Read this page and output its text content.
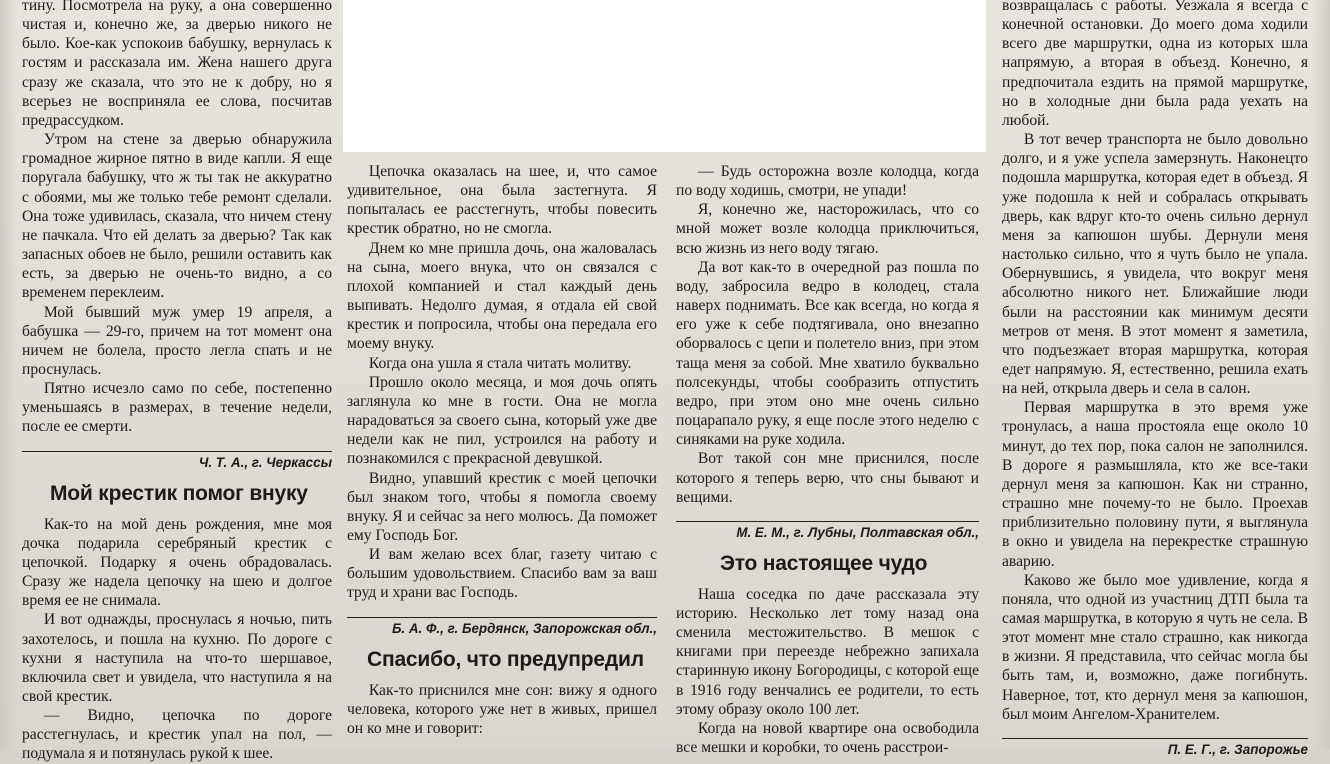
тину. Посмотрела на руку, а она совершенно чистая и, конечно же, за дверью никого не было. Кое-как успокоив бабушку, вернулась к гостям и рассказала им. Жена нашего друга сразу же сказала, что это не к добру, но я всерьез не восприняла ее слова, посчитав предрассудком.

Утром на стене за дверью обнаружила громадное жирное пятно в виде капли. Я еще поругала бабушку, что ж ты так не аккуратно с обоями, мы же только тебе ремонт сделали. Она тоже удивилась, сказала, что ничем стену не пачкала. Что ей делать за дверью? Так как запасных обоев не было, решили оставить как есть, за дверью не очень-то видно, а со временем переклеим.

Мой бывший муж умер 19 апреля, а бабушка — 29-го, причем на тот момент она ничем не болела, просто легла спать и не проснулась.

Пятно исчезло само по себе, постепенно уменьшаясь в размерах, в течение недели, после ее смерти.

Ч. Т. А., г. Черкассы
Мой крестик помог внуку

Как-то на мой день рождения, мне моя дочка подарила серебряный крестик с цепочкой. Подарку я очень обрадовалась. Сразу же надела цепочку на шею и долгое время ее не снимала.

И вот однажды, проснулась я ночью, пить захотелось, и пошла на кухню. По дороге с кухни я наступила на что-то шершавое, включила свет и увидела, что наступила я на свой крестик.

— Видно, цепочка по дороге расстегнулась, и крестик упал на пол, — подумала я и потянулась рукой к шее.

Цепочка оказалась на шее, и, что самое удивительное, она была застегнута. Я попыталась ее расстегнуть, чтобы повесить крестик обратно, но не смогла.

Днем ко мне пришла дочь, она жаловалась на сына, моего внука, что он связался с плохой компанией и стал каждый день выпивать. Недолго думая, я отдала ей свой крестик и попросила, чтобы она передала его моему внуку.

Когда она ушла я стала читать молитву.

Прошло около месяца, и моя дочь опять заглянула ко мне в гости. Она не могла нарадоваться за своего сына, который уже две недели как не пил, устроился на работу и познакомился с прекрасной девушкой.

Видно, упавший крестик с моей цепочки был знаком того, чтобы я помогла своему внуку. Я и сейчас за него молюсь. Да поможет ему Господь Бог.

И вам желаю всех благ, газету читаю с большим удовольствием. Спасибо вам за ваш труд и храни вас Господь.

Б. А. Ф., г. Бердянск, Запорожская обл.,
Спасибо, что предупредил

Как-то приснился мне сон: вижу я одного человека, которого уже нет в живых, пришел он ко мне и говорит:

— Будь осторожна возле колодца, когда по воду ходишь, смотри, не упади!

Я, конечно же, насторожилась, что со мной может возле колодца приключиться, всю жизнь из него воду тягаю.

Да вот как-то в очередной раз пошла по воду, забросила ведро в колодец, стала наверх поднимать. Все как всегда, но когда я его уже к себе подтягивала, оно внезапно оборвалось с цепи и полетело вниз, при этом таща меня за собой. Мне хватило буквально полсекунды, чтобы сообразить отпустить ведро, при этом оно мне очень сильно поцарапало руку, я еще после этого неделю с синяками на руке ходила.

Вот такой сон мне приснился, после которого я теперь верю, что сны бывают и вещими.

М. Е. М., г. Лубны, Полтавская обл.,
Это настоящее чудо

Наша соседка по даче рассказала эту историю. Несколько лет тому назад она сменила местожительство. В мешок с книгами при переезде небрежно запихала старинную икону Богородицы, с которой еще в 1916 году венчались ее родители, то есть этому образу около 100 лет.

Когда на новой квартире она освободила все мешки и коробки, то очень расстрои-

возвращалась с работы. Уезжала я всегда с конечной остановки. До моего дома ходили всего две маршрутки, одна из которых шла напрямую, а вторая в объезд. Конечно, я предпочитала ездить на прямой маршрутке, но в холодные дни была рада уехать на любой.

В тот вечер транспорта не было довольно долго, и я уже успела замерзнуть. Наконецто подошла маршрутка, которая едет в объезд. Я уже подошла к ней и собралась открывать дверь, как вдруг кто-то очень сильно дернул меня за капюшон шубы. Дернули меня настолько сильно, что я чуть было не упала. Обернувшись, я увидела, что вокруг меня абсолютно никого нет. Ближайшие люди были на расстоянии как минимум десяти метров от меня. В этот момент я заметила, что подъезжает вторая маршрутка, которая едет напрямую. Я, естественно, решила ехать на ней, открыла дверь и села в салон.

Первая маршрутка в это время уже тронулась, а наша простояла еще около 10 минут, до тех пор, пока салон не заполнился. В дороге я размышляла, кто же все-таки дернул меня за капюшон. Как ни странно, страшно мне почему-то не было. Проехав приблизительно половину пути, я выглянула в окно и увидела на перекрестке страшную аварию.

Каково же было мое удивление, когда я поняла, что одной из участниц ДТП была та самая маршрутка, в которую я чуть не села. В этот момент мне стало страшно, как никогда в жизни. Я представила, что сейчас могла бы быть там, и, возможно, даже погибнуть. Наверное, тот, кто дернул меня за капюшон, был моим Ангелом-Хранителем.

П. Е. Г., г. Запорожье
